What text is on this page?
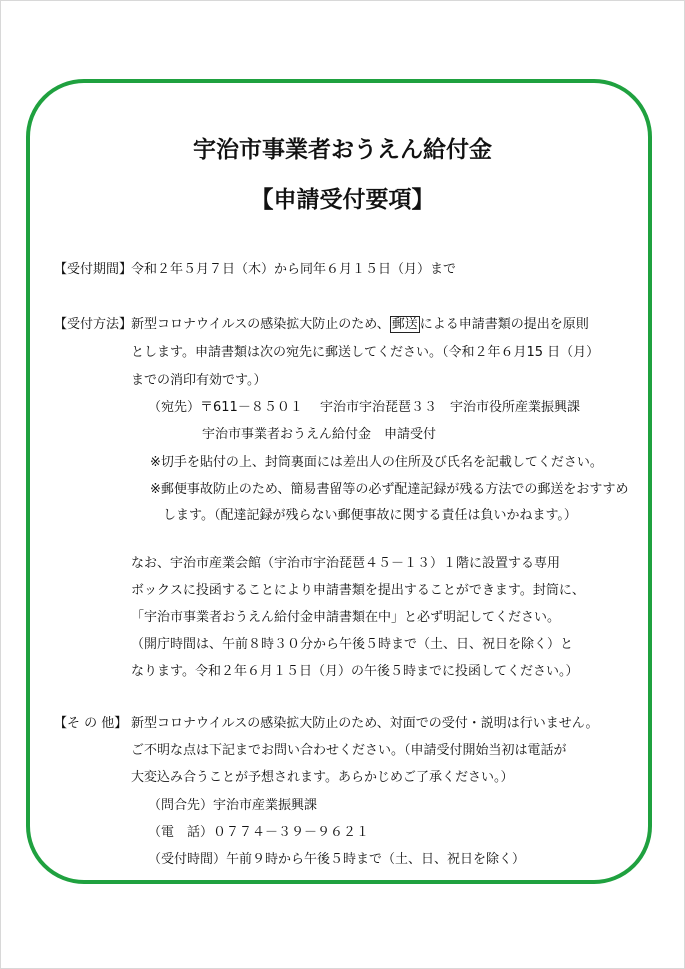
宇治市事業者おうえん給付金
【申請受付要項】
【受付期間】
令和２年５月７日（木）から同年６月１５日（月）まで
【受付方法】
新型コロナウイルスの感染拡大防止のため、 郵送 による申請書類の提出を原則
とします。申請書類は次の宛先に郵送してください。（令和２年６月15 日（月）
までの消印有効です。）
（宛先）〒611－８５０１　 宇治市宇治琵琶３３　宇治市役所産業振興課
宇治市事業者おうえん給付金　申請受付
※切手を貼付の上、封筒裏面には差出人の住所及び氏名を記載してください。
※郵便事故防止のため、簡易書留等の必ず配達記録が残る方法での郵送をおすすめ
します。（配達記録が残らない郵便事故に関する責任は負いかねます。）
なお、宇治市産業会館（宇治市宇治琵琶４５－１３）１階に設置する専用
ボックスに投函することにより申請書類を提出することができます。封筒に、
「宇治市事業者おうえん給付金申請書類在中」と必ず明記してください。
（開庁時間は、午前８時３０分から午後５時まで（土、日、祝日を除く）と
なります。令和２年６月１５日（月）の午後５時までに投函してください。）
【そ の 他】 新型コロナウイルスの感染拡大防止のため、対面での受付・説明は行いません。
ご不明な点は下記までお問い合わせください。（申請受付開始当初は電話が
大変込み合うことが予想されます。あらかじめご了承ください。）
（問合先）宇治市産業振興課
（電　話）０７７４－３９－９６２１
（受付時間）午前９時から午後５時まで（土、日、祝日を除く）
